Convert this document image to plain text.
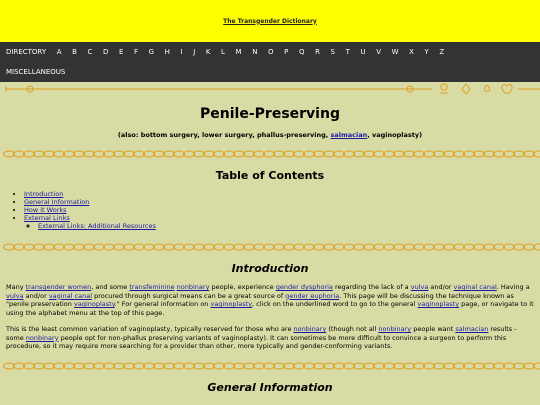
The Transgender Dictionary
DIRECTORY A B C D E F G H I J K L M N O P Q R S T U V W X Y Z
MISCELLANEOUS
Penile-Preserving
(also: bottom surgery, lower surgery, phallus-preserving, salmacian, vaginoplasty)
Table of Contents
• Introduction
• General Information
• How it Works
• External Links
◦ External Links: Additional Resources
Introduction

Many transgender women, and some transfeminine nonbinary people, experience gender dysphoria regarding the lack of a vulva and/or vaginal canal. Having a vulva and/or vaginal canal procured through surgical means can be a great source of gender euphoria. This page will be discussing the technique known as "penile preservation vaginoplasty." For general information on vaginoplasty, click on the underlined word to go to the general vaginoplasty page, or navigate to it using the alphabet menu at the top of this page.

This is the least common variation of vaginoplasty, typically reserved for those who are nonbinary (though not all nonbinary people want salmacian results - some nonbinary people opt for non-phallus preserving variants of vaginoplasty). It can sometimes be more difficult to convince a surgeon to perform this procedure, so it may require more searching for a provider than other, more typically and gender-conforming variants.

General Information
